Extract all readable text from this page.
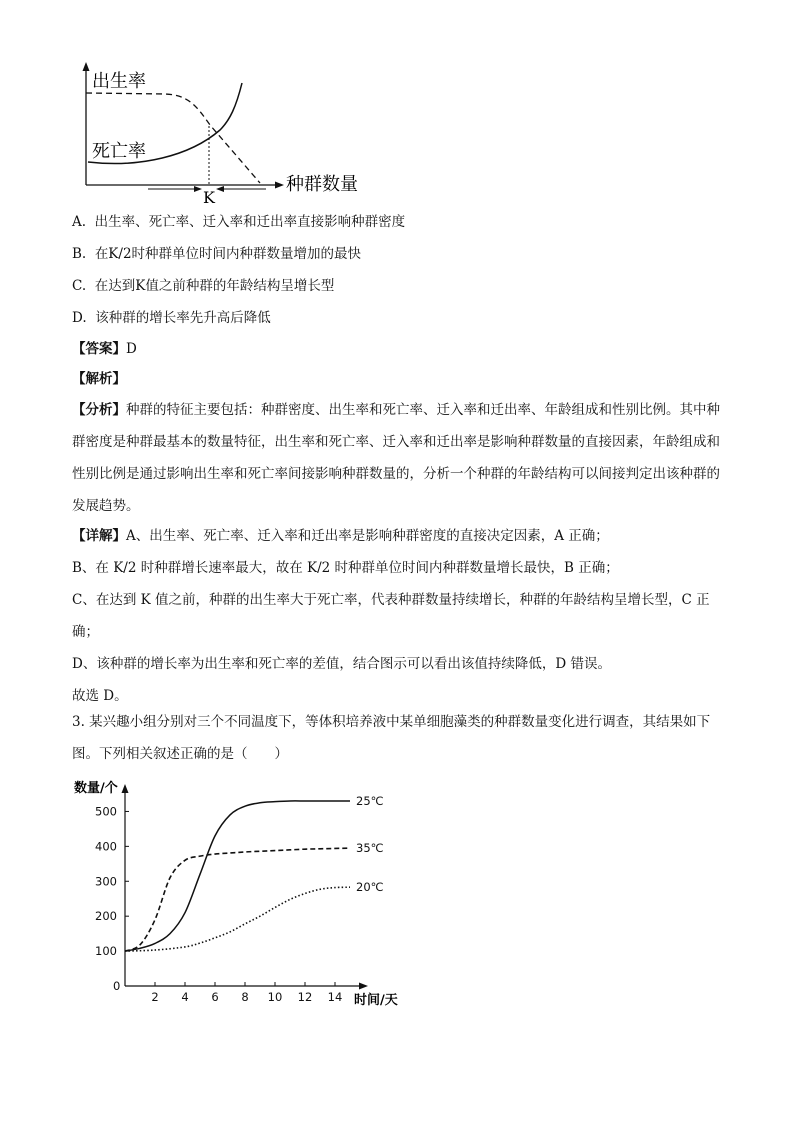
出生率
死亡率
K
种群数量
A. 出生率、死亡率、迁入率和迁出率直接影响种群密度
B. 在K/2时种群单位时间内种群数量增加的最快
C. 在达到K值之前种群的年龄结构呈增长型
D. 该种群的增长率先升高后降低
【答案】D
【解析】
【分析】种群的特征主要包括：种群密度、出生率和死亡率、迁入率和迁出率、年龄组成和性别比例。其中种群密度是种群最基本的数量特征，出生率和死亡率、迁入率和迁出率是影响种群数量的直接因素，年龄组成和性别比例是通过影响出生率和死亡率间接影响种群数量的，分析一个种群的年龄结构可以间接判定出该种群的发展趋势。
【详解】A、出生率、死亡率、迁入率和迁出率是影响种群密度的直接决定因素，A 正确；
B、在 K/2 时种群增长速率最大，故在 K/2 时种群单位时间内种群数量增长最快，B 正确；
C、在达到 K 值之前，种群的出生率大于死亡率，代表种群数量持续增长，种群的年龄结构呈增长型，C 正确；
D、该种群的增长率为出生率和死亡率的差值，结合图示可以看出该值持续降低，D 错误。
故选 D。
3. 某兴趣小组分别对三个不同温度下，等体积培养液中某单细胞藻类的种群数量变化进行调查，其结果如下图。下列相关叙述正确的是（　　）
数量/个
时间/天
0
2 4 6 8 10 12 14
100
200
300
400
500
25℃
35℃
20℃
